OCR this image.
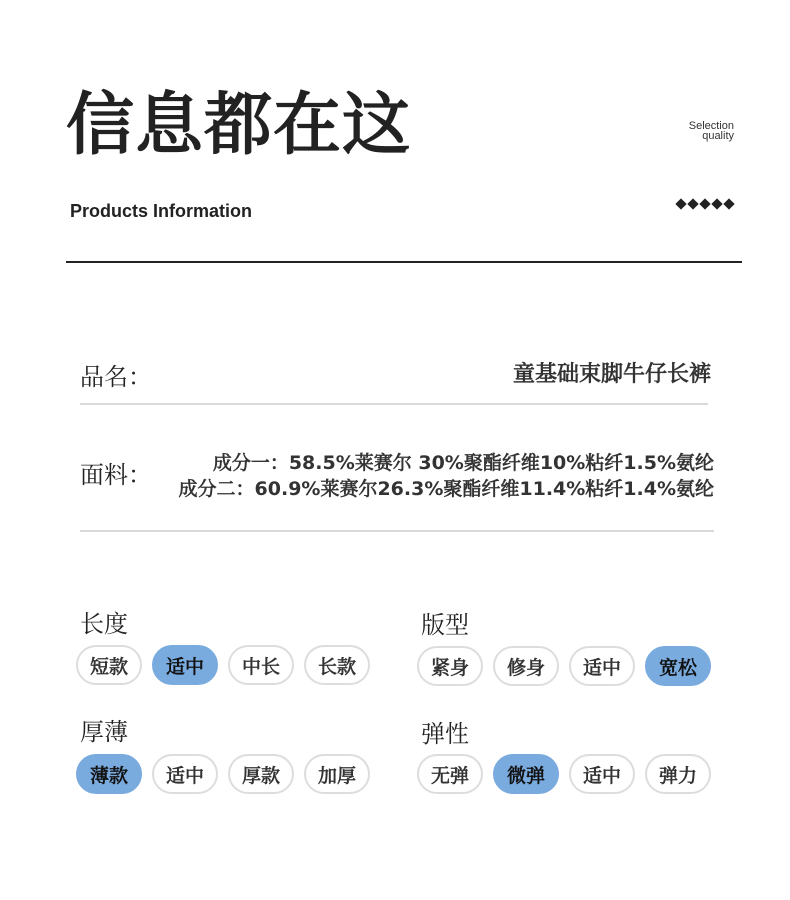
信息都在这	Selection
quality
Products Information
品名：	童基础束脚牛仔长裤
面料：	成分一：58.5%莱赛尔 30%聚酯纤维10%粘纤1.5%氨纶
成分二：60.9%莱赛尔26.3%聚酯纤维11.4%粘纤1.4%氨纶
长度
短款	适中	中长	长款
版型
紧身	修身	适中	宽松
厚薄
薄款	适中	厚款	加厚
弹性
无弹	微弹	适中	弹力
